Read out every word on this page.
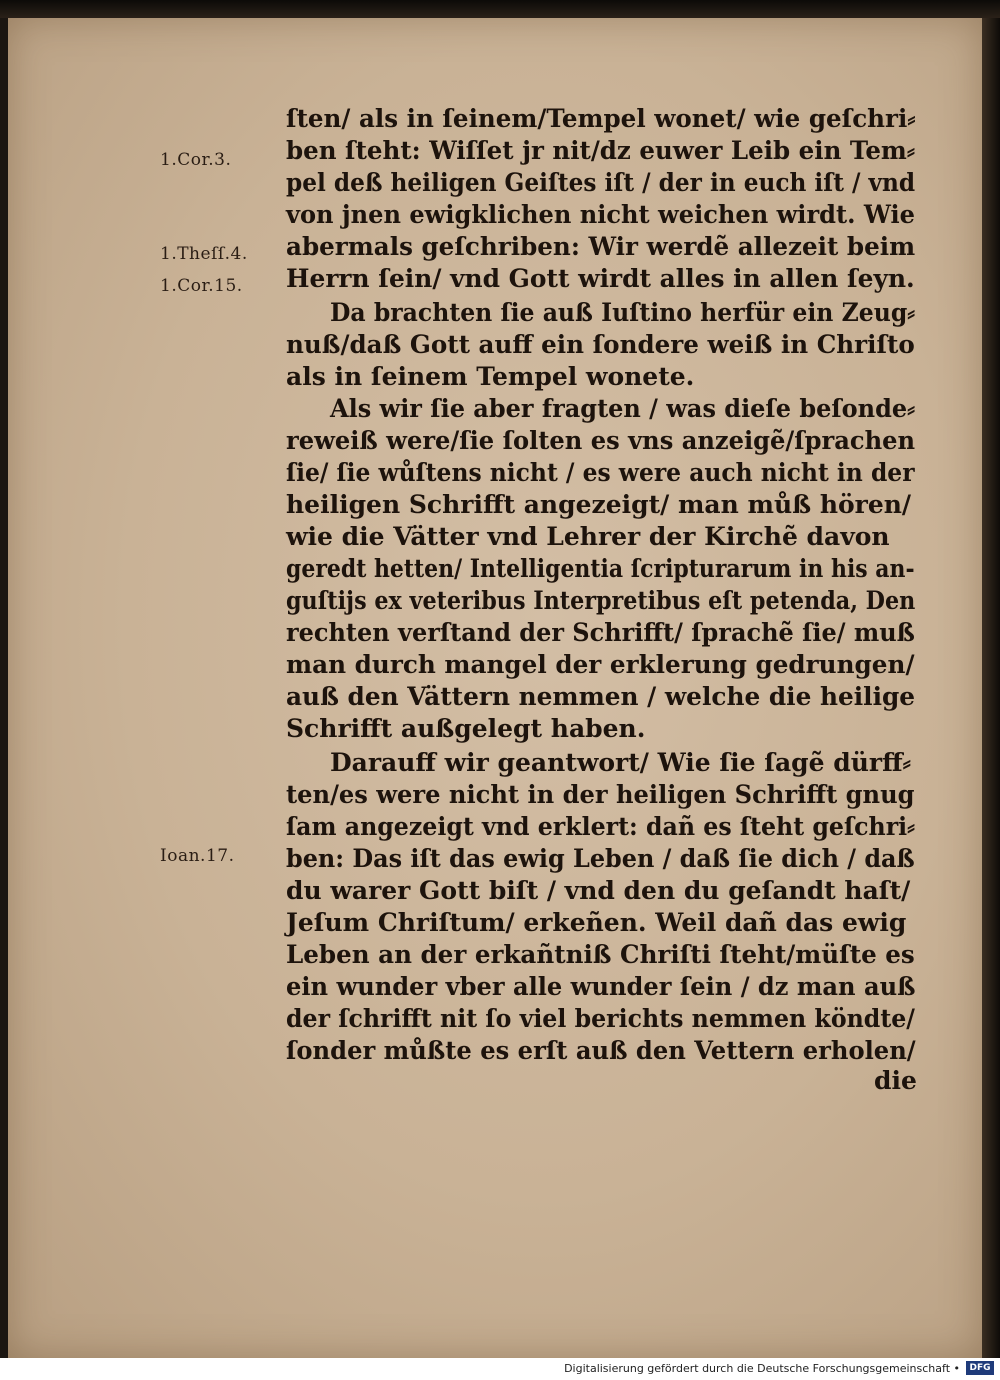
1.Cor.3.
1.Theſſ.4.
1.Cor.15.
Ioan.17.
ſten/ als in ſeinem/Tempel wonet/ wie geſchri⸗
ben ſteht: Wiſſet jr nit/dz euwer Leib ein Tem⸗
pel deß heiligen Geiſtes iſt / der in euch iſt / vnd
von jnen ewigklichen nicht weichen wirdt. Wie
abermals geſchriben: Wir werdẽ allezeit beim
Herrn ſein/ vnd Gott wirdt alles in allen ſeyn.
Da brachten ſie auß Iuſtino herfür ein Zeug⸗
nuß/daß Gott auff ein ſondere weiß in Chriſto
als in ſeinem Tempel wonete.
Als wir ſie aber fragten / was dieſe beſonde⸗
reweiß were/ſie ſolten es vns anzeigẽ/ſprachen
ſie/ ſie wůſtens nicht / es were auch nicht in der
heiligen Schrifft angezeigt/ man můß hören/
wie die Vätter vnd Lehrer der Kirchẽ davon
geredt hetten/ Intelligentia ſcripturarum in his an-
guſtijs ex veteribus Interpretibus eſt petenda, Den
rechten verſtand der Schrifft/ ſprachẽ ſie/ muß
man durch mangel der erklerung gedrungen/
auß den Vättern nemmen / welche die heilige
Schrifft außgelegt haben.
Darauff wir geantwort/ Wie ſie ſagẽ dürff⸗
ten/es were nicht in der heiligen Schrifft gnug
ſam angezeigt vnd erklert: dañ es ſteht geſchri⸗
ben: Das iſt das ewig Leben / daß ſie dich / daß
du warer Gott biſt / vnd den du geſandt haſt/
Jeſum Chriſtum/ erkeñen. Weil dañ das ewig
Leben an der erkañtniß Chriſti ſteht/müſte es
ein wunder vber alle wunder ſein / dz man auß
der ſchrifft nit ſo viel berichts nemmen köndte/
ſonder můßte es erſt auß den Vettern erholen/
die
Digitalisierung gefördert durch die Deutsche Forschungsgemeinschaft •	DFG
